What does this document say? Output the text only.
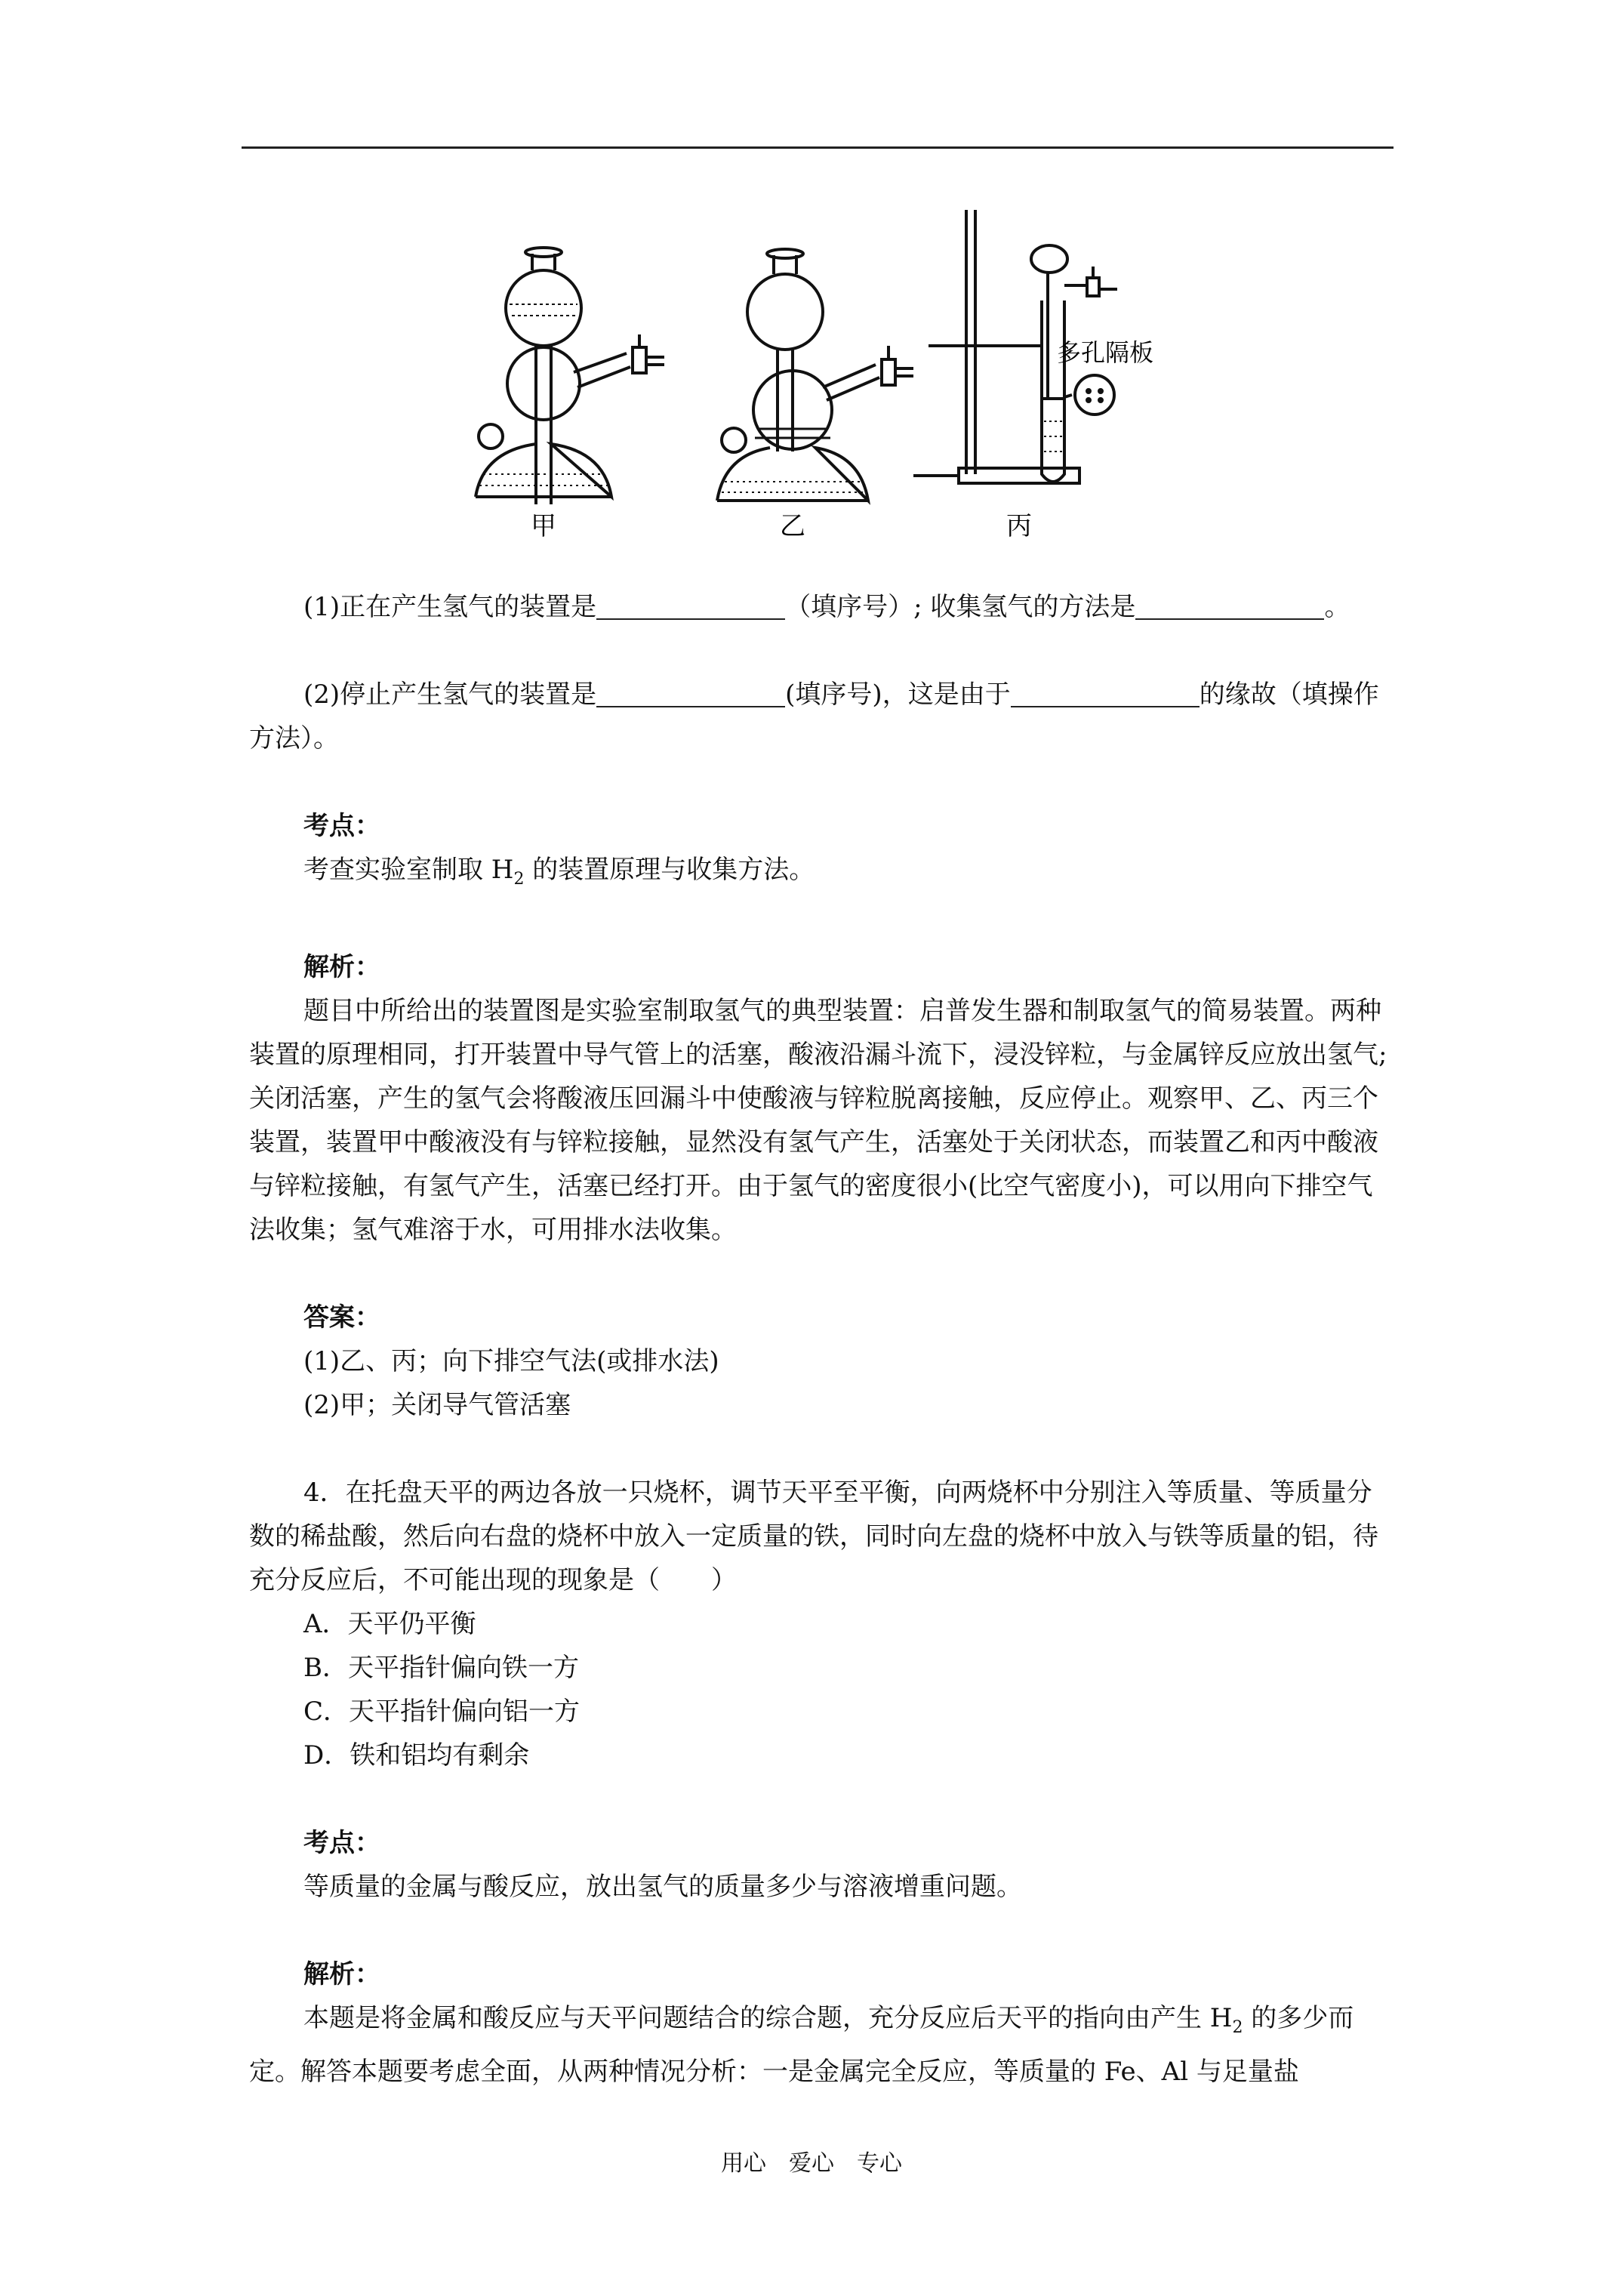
甲	乙	丙
多孔隔板

(1)正在产生氢气的装置是	（填序号）; 收集氢气的方法是	。

(2)停止产生氢气的装置是	(填序号)，这是由于	的缘故（填操作方法）。

考点：

考查实验室制取 $H_2$ 的装置原理与收集方法。

解析：

题目中所给出的装置图是实验室制取氢气的典型装置：启普发生器和制取氢气的简易装置。两种装置的原理相同，打开装置中导气管上的活塞，酸液沿漏斗流下，浸没锌粒，与金属锌反应放出氢气; 关闭活塞，产生的氢气会将酸液压回漏斗中使酸液与锌粒脱离接触，反应停止。观察甲、乙、丙三个装置，装置甲中酸液没有与锌粒接触，显然没有氢气产生，活塞处于关闭状态，而装置乙和丙中酸液与锌粒接触，有氢气产生，活塞已经打开。由于氢气的密度很小(比空气密度小)，可以用向下排空气法收集；氢气难溶于水，可用排水法收集。

答案：

(1)乙、丙；向下排空气法(或排水法)

(2)甲；关闭导气管活塞

4．在托盘天平的两边各放一只烧杯，调节天平至平衡，向两烧杯中分别注入等质量、等质量分数的稀盐酸，然后向右盘的烧杯中放入一定质量的铁，同时向左盘的烧杯中放入与铁等质量的铝，待充分反应后，不可能出现的现象是（　　）

A．天平仍平衡

B．天平指针偏向铁一方

C．天平指针偏向铝一方

D．铁和铝均有剩余

考点：

等质量的金属与酸反应，放出氢气的质量多少与溶液增重问题。

解析：

本题是将金属和酸反应与天平问题结合的综合题，充分反应后天平的指向由产生 $H_2$ 的多少而定。解答本题要考虑全面，从两种情况分析：一是金属完全反应，等质量的 Fe、Al 与足量盐

用心　爱心　专心
